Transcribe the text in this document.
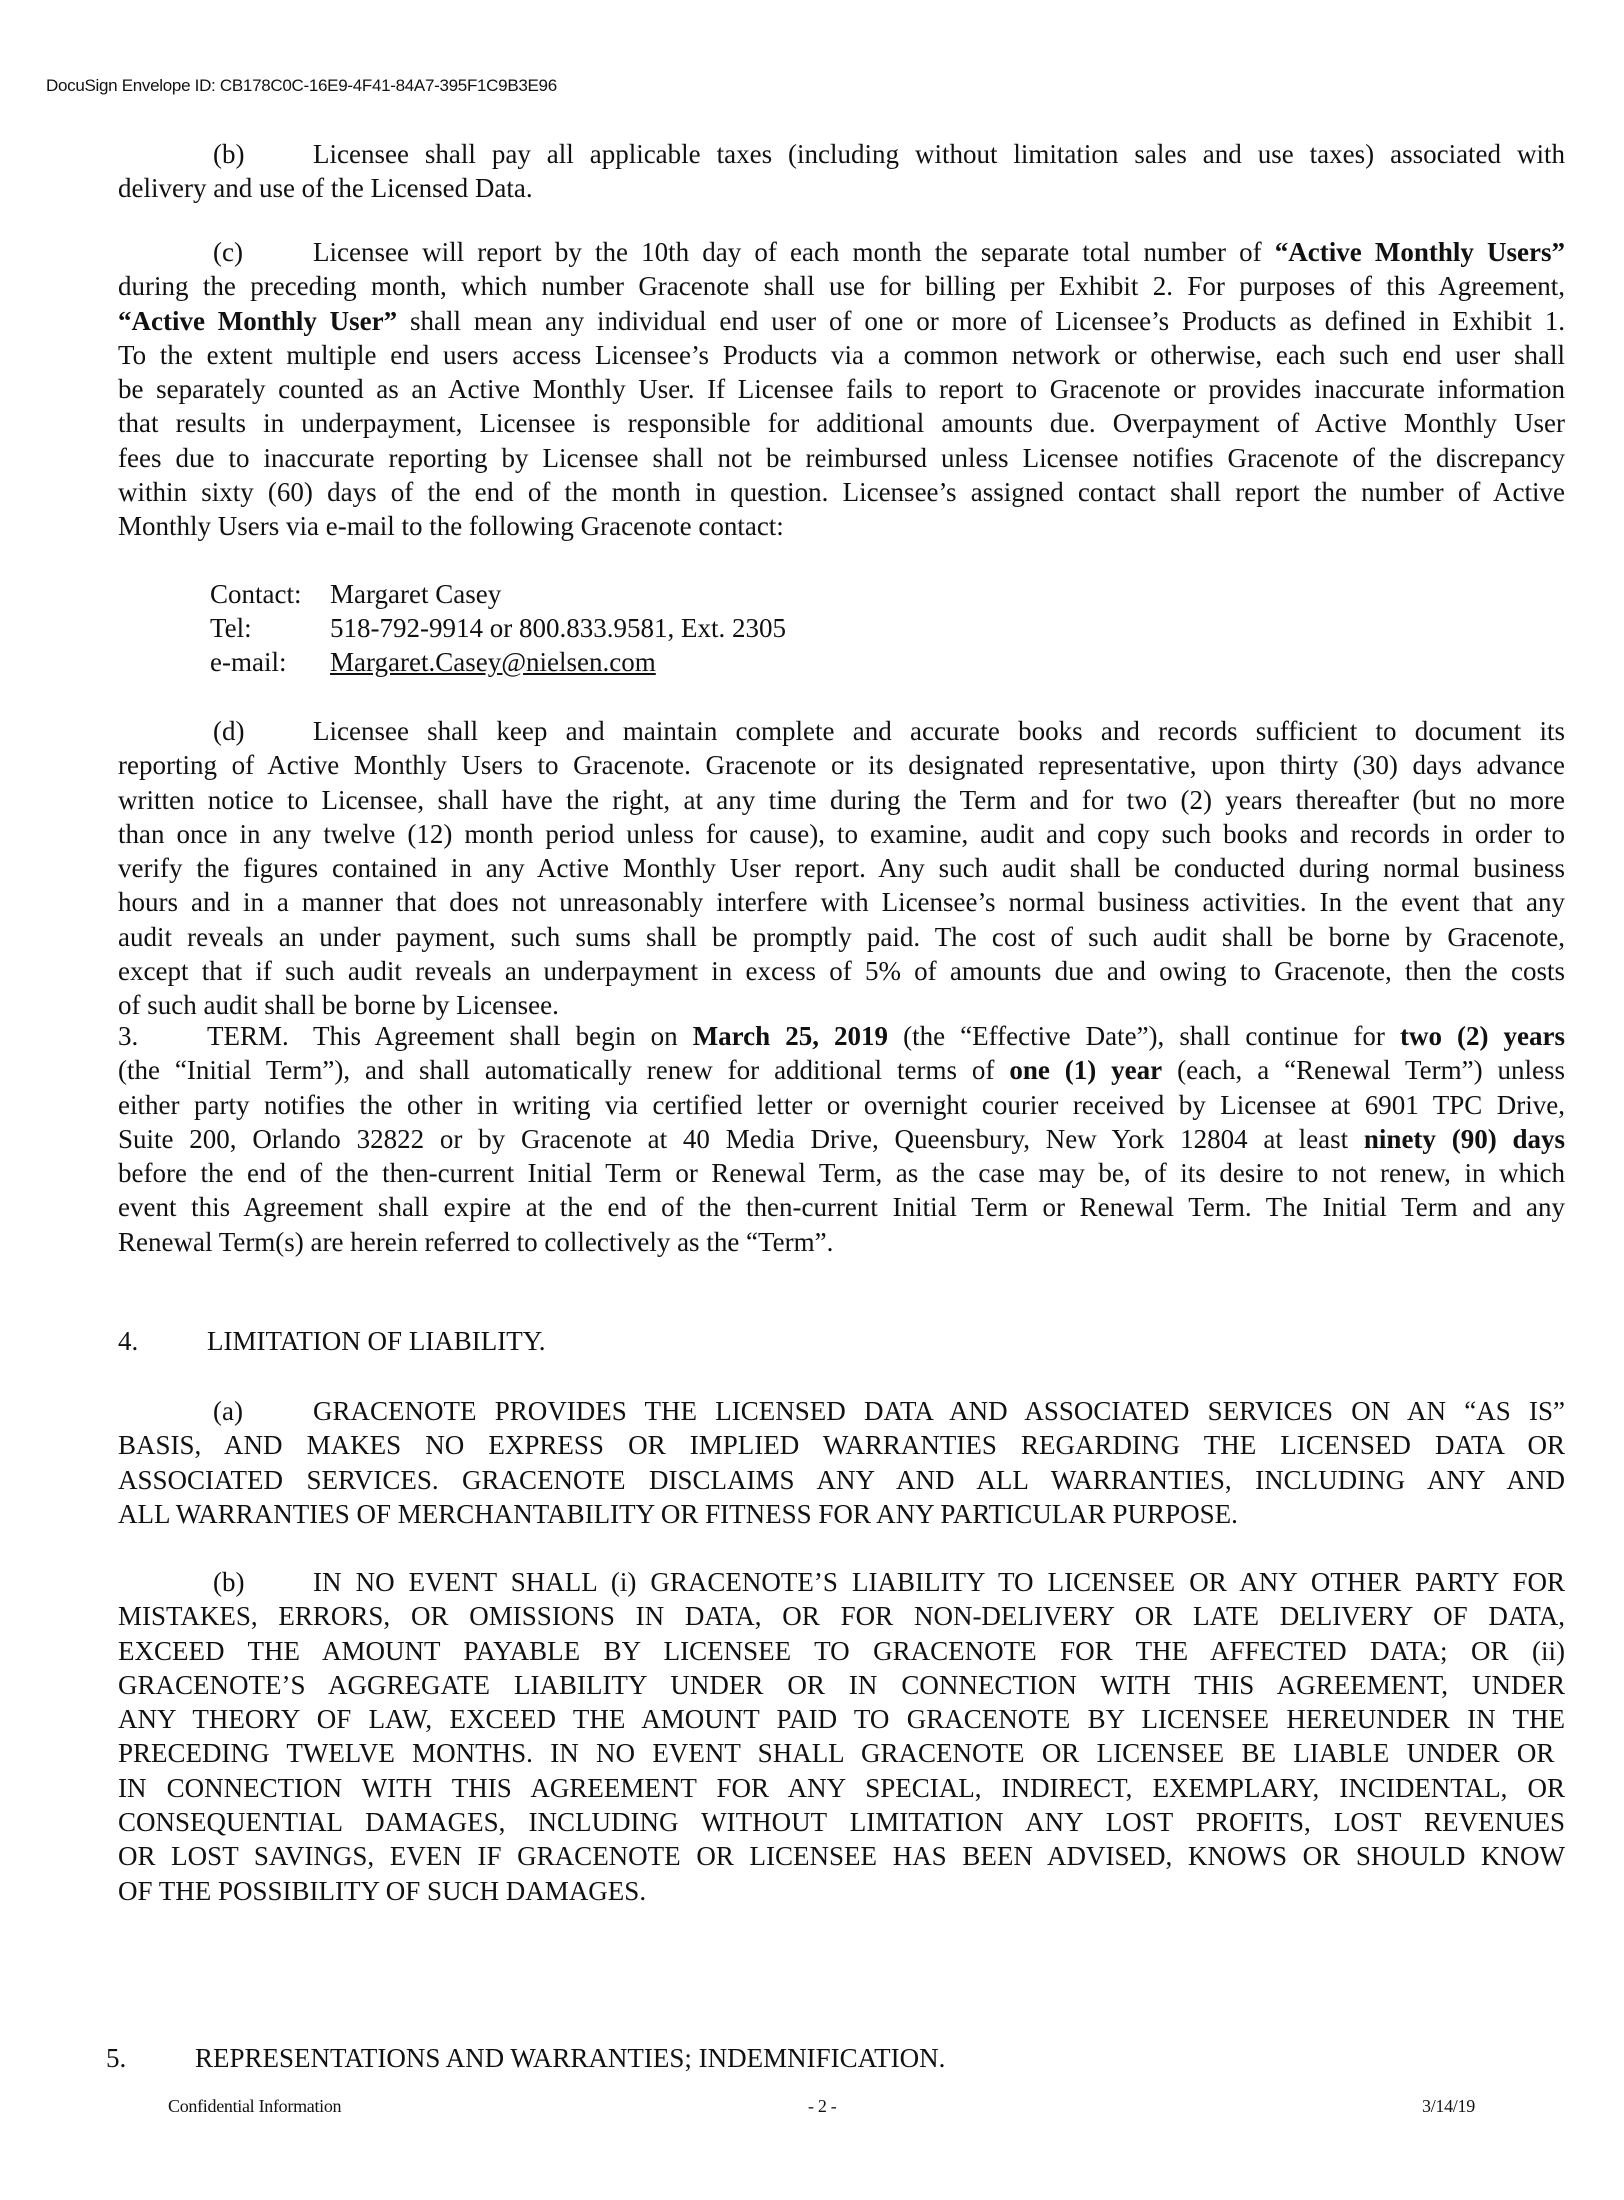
DocuSign Envelope ID: CB178C0C-16E9-4F41-84A7-395F1C9B3E96
(b)	Licensee shall pay all applicable taxes (including without limitation sales and use taxes) associated with
delivery and use of the Licensed Data.
(c)	Licensee will report by the 10th day of each month the separate total number of “Active Monthly Users”
during the preceding month, which number Gracenote shall use for billing per Exhibit 2. For purposes of this Agreement,
“Active Monthly User” shall mean any individual end user of one or more of Licensee’s Products as defined in Exhibit 1.
To the extent multiple end users access Licensee’s Products via a common network or otherwise, each such end user shall
be separately counted as an Active Monthly User. If Licensee fails to report to Gracenote or provides inaccurate information
that results in underpayment, Licensee is responsible for additional amounts due. Overpayment of Active Monthly User
fees due to inaccurate reporting by Licensee shall not be reimbursed unless Licensee notifies Gracenote of the discrepancy
within sixty (60) days of the end of the month in question. Licensee’s assigned contact shall report the number of Active
Monthly Users via e-mail to the following Gracenote contact:
Contact: Margaret Casey
Tel:	518-792-9914 or 800.833.9581, Ext. 2305
e-mail: Margaret.Casey@nielsen.com
(d)	Licensee shall keep and maintain complete and accurate books and records sufficient to document its
reporting of Active Monthly Users to Gracenote. Gracenote or its designated representative, upon thirty (30) days advance
written notice to Licensee, shall have the right, at any time during the Term and for two (2) years thereafter (but no more
than once in any twelve (12) month period unless for cause), to examine, audit and copy such books and records in order to
verify the figures contained in any Active Monthly User report. Any such audit shall be conducted during normal business
hours and in a manner that does not unreasonably interfere with Licensee’s normal business activities. In the event that any
audit reveals an under payment, such sums shall be promptly paid. The cost of such audit shall be borne by Gracenote,
except that if such audit reveals an underpayment in excess of 5% of amounts due and owing to Gracenote, then the costs
of such audit shall be borne by Licensee.
3.	TERM. This Agreement shall begin on March 25, 2019 (the “Effective Date”), shall continue for two (2) years
(the “Initial Term”), and shall automatically renew for additional terms of one (1) year (each, a “Renewal Term”) unless
either party notifies the other in writing via certified letter or overnight courier received by Licensee at 6901 TPC Drive,
Suite 200, Orlando 32822 or by Gracenote at 40 Media Drive, Queensbury, New York 12804 at least ninety (90) days
before the end of the then-current Initial Term or Renewal Term, as the case may be, of its desire to not renew, in which
event this Agreement shall expire at the end of the then-current Initial Term or Renewal Term. The Initial Term and any
Renewal Term(s) are herein referred to collectively as the “Term”.
4.	LIMITATION OF LIABILITY.
(a)	GRACENOTE PROVIDES THE LICENSED DATA AND ASSOCIATED SERVICES ON AN “AS IS”
BASIS, AND MAKES NO EXPRESS OR IMPLIED WARRANTIES REGARDING THE LICENSED DATA OR
ASSOCIATED SERVICES. GRACENOTE DISCLAIMS ANY AND ALL WARRANTIES, INCLUDING ANY AND
ALL WARRANTIES OF MERCHANTABILITY OR FITNESS FOR ANY PARTICULAR PURPOSE.
(b)	IN NO EVENT SHALL (i) GRACENOTE’S LIABILITY TO LICENSEE OR ANY OTHER PARTY FOR
MISTAKES, ERRORS, OR OMISSIONS IN DATA, OR FOR NON-DELIVERY OR LATE DELIVERY OF DATA,
EXCEED THE AMOUNT PAYABLE BY LICENSEE TO GRACENOTE FOR THE AFFECTED DATA; OR (ii)
GRACENOTE’S AGGREGATE LIABILITY UNDER OR IN CONNECTION WITH THIS AGREEMENT, UNDER
ANY THEORY OF LAW, EXCEED THE AMOUNT PAID TO GRACENOTE BY LICENSEE HEREUNDER IN THE
PRECEDING TWELVE MONTHS. IN NO EVENT SHALL GRACENOTE OR LICENSEE BE LIABLE UNDER OR
IN CONNECTION WITH THIS AGREEMENT FOR ANY SPECIAL, INDIRECT, EXEMPLARY, INCIDENTAL, OR
CONSEQUENTIAL DAMAGES, INCLUDING WITHOUT LIMITATION ANY LOST PROFITS, LOST REVENUES
OR LOST SAVINGS, EVEN IF GRACENOTE OR LICENSEE HAS BEEN ADVISED, KNOWS OR SHOULD KNOW
OF THE POSSIBILITY OF SUCH DAMAGES.
5.	REPRESENTATIONS AND WARRANTIES; INDEMNIFICATION.
Confidential Information	- 2 -	3/14/19
